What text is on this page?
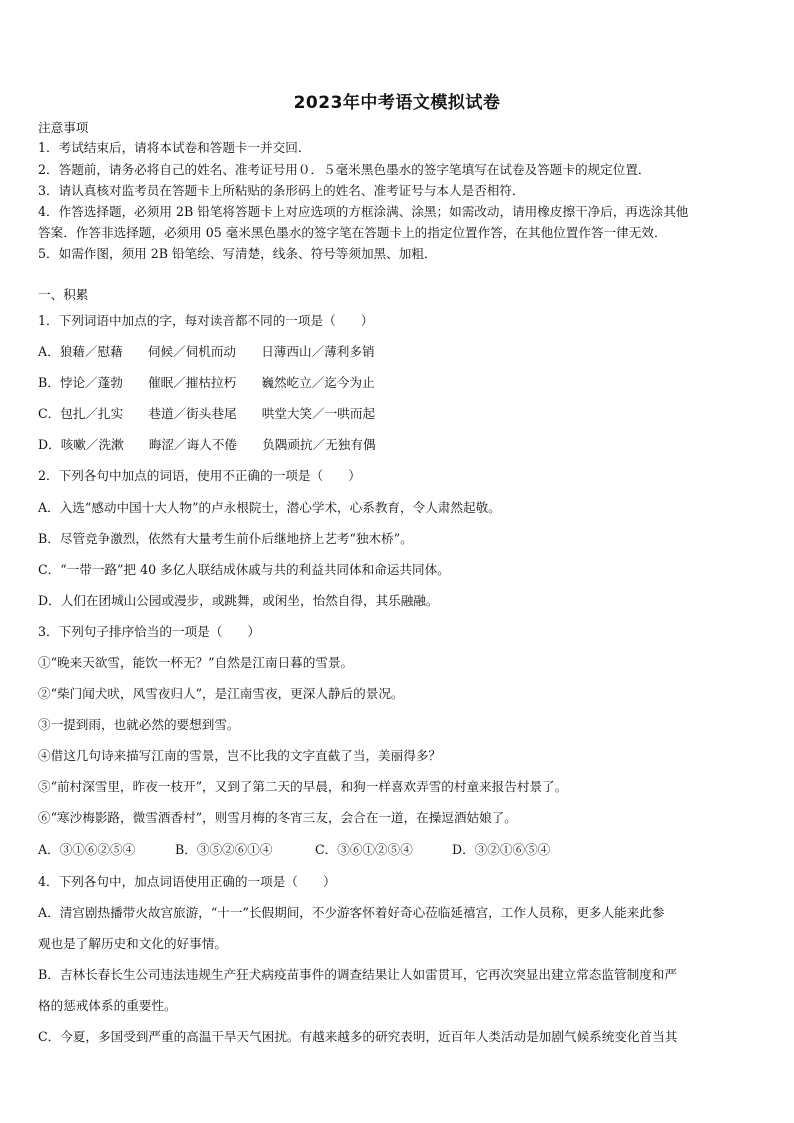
2023年中考语文模拟试卷
注意事项
1．考试结束后，请将本试卷和答题卡一并交回．
2．答题前，请务必将自己的姓名、准考证号用０．５毫米黑色墨水的签字笔填写在试卷及答题卡的规定位置．
3．请认真核对监考员在答题卡上所粘贴的条形码上的姓名、准考证号与本人是否相符．
4．作答选择题，必须用 2B 铅笔将答题卡上对应选项的方框涂满、涂黑；如需改动，请用橡皮擦干净后，再选涂其他
答案．作答非选择题，必须用 05 毫米黑色墨水的签字笔在答题卡上的指定位置作答，在其他位置作答一律无效．
5．如需作图，须用 2B 铅笔绘、写清楚，线条、符号等须加黑、加粗．
一、积累
1．下列词语中加点的字，每对读音都不同的一项是（　　）
A．狼藉／慰藉　　伺候／伺机而动　　日薄西山／薄利多销
B．悖论／蓬勃　　催眠／摧枯拉朽　　巍然屹立／迄今为止
C．包扎／扎实　　巷道／街头巷尾　　哄堂大笑／一哄而起
D．咳嗽／洗漱　　晦涩／诲人不倦　　负隅顽抗／无独有偶
2．下列各句中加点的词语，使用不正确的一项是（　　）
A．入选“感动中国十大人物”的卢永根院士，潜心学术，心系教育，令人肃然起敬。
B．尽管竞争激烈，依然有大量考生前仆后继地挤上艺考“独木桥”。
C．“一带一路”把 40 多亿人联结成休戚与共的利益共同体和命运共同体。
D．人们在团城山公园或漫步，或跳舞，或闲坐，怡然自得，其乐融融。
3．下列句子排序恰当的一项是（　　）
①“晚来天欲雪，能饮一杯无？”自然是江南日暮的雪景。
②“柴门闻犬吠，风雪夜归人”，是江南雪夜，更深人静后的景况。
③一提到雨，也就必然的要想到雪。
④借这几句诗来描写江南的雪景，岂不比我的文字直截了当，美丽得多？
⑤“前村深雪里，昨夜一枝开”，又到了第二天的早晨，和狗一样喜欢弄雪的村童来报告村景了。
⑥“寒沙梅影路，微雪酒香村”，则雪月梅的冬宵三友，会合在一道，在操逗酒姑娘了。
A．③①⑥②⑤④	B．③⑤②⑥①④	C．③⑥①②⑤④	D．③②①⑥⑤④
4．下列各句中，加点词语使用正确的一项是（　　）
A．清宫剧热播带火故宫旅游，“十一”长假期间，不少游客怀着好奇心莅临延禧宫，工作人员称，更多人能来此参
观也是了解历史和文化的好事情。
B．吉林长春长生公司违法违规生产狂犬病疫苗事件的调查结果让人如雷贯耳，它再次突显出建立常态监管制度和严
格的惩戒体系的重要性。
C．今夏，多国受到严重的高温干旱天气困扰。有越来越多的研究表明，近百年人类活动是加剧气候系统变化首当其
